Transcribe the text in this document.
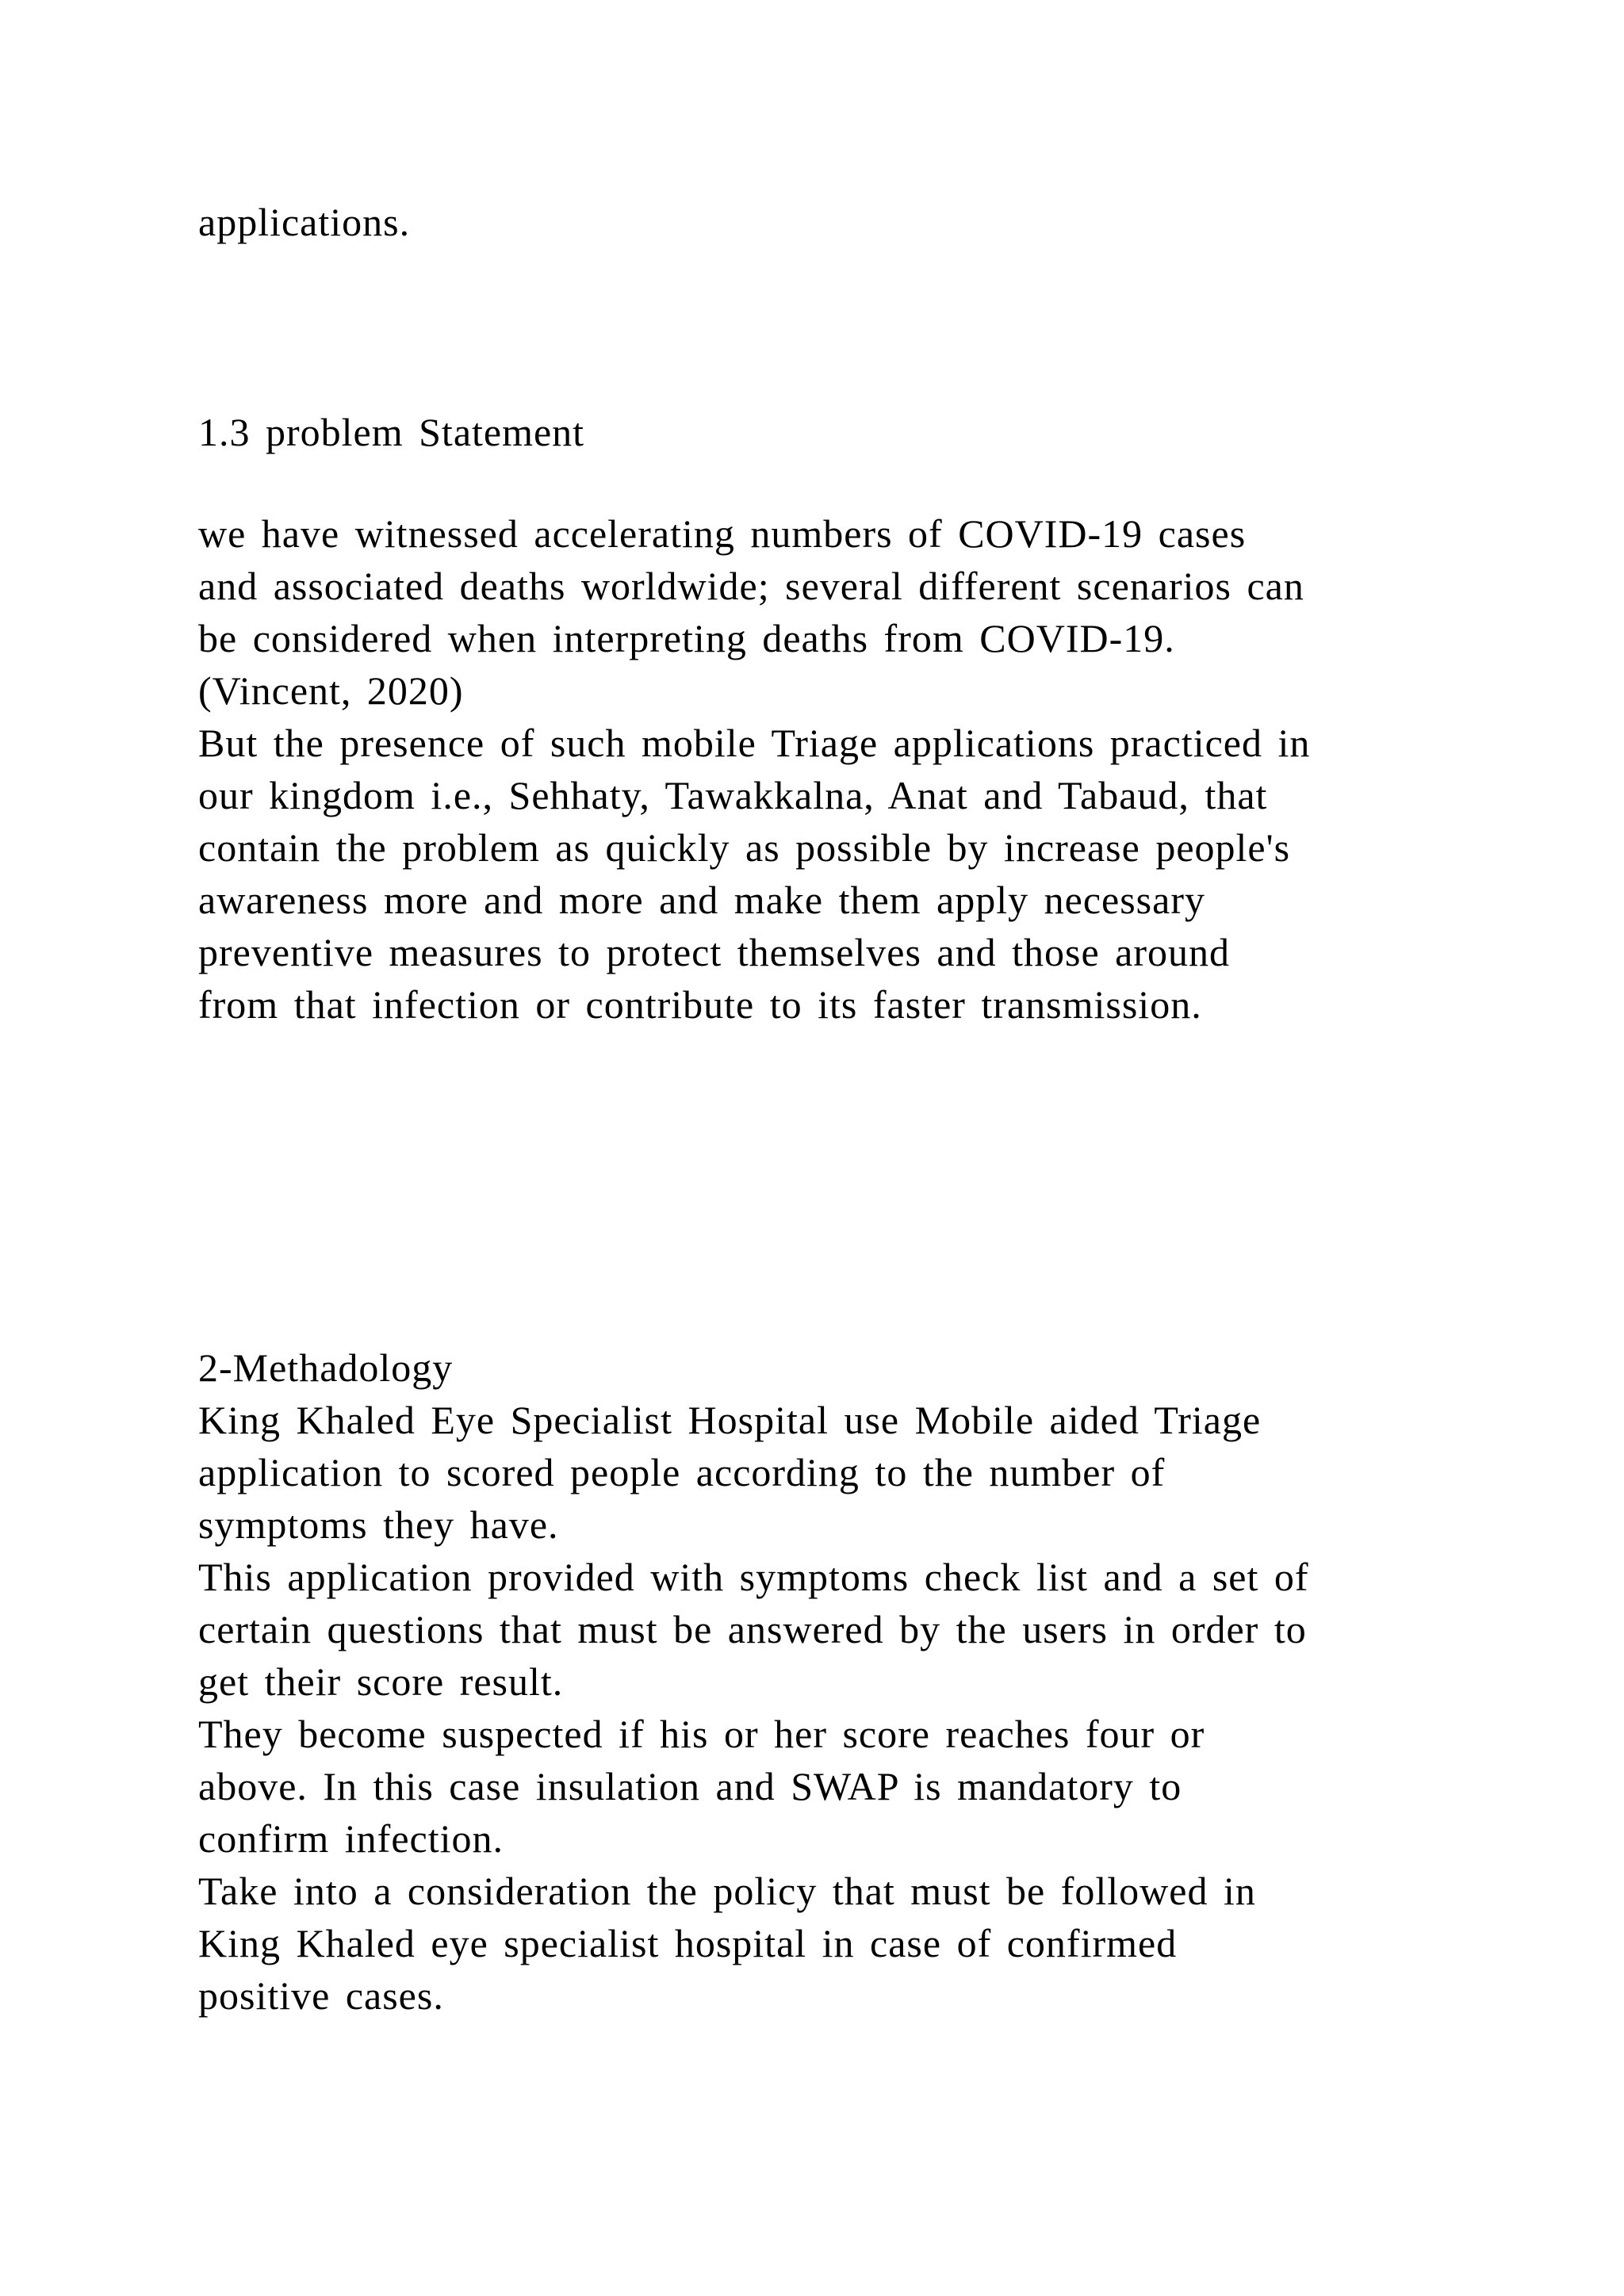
applications.
1.3 problem Statement
we have witnessed accelerating numbers of COVID-19 cases
and associated deaths worldwide; several different scenarios can
be considered when interpreting deaths from COVID-19.
(Vincent, 2020)
But the presence of such mobile Triage applications practiced in
our kingdom i.e., Sehhaty, Tawakkalna, Anat and Tabaud, that
contain the problem as quickly as possible by increase people's
awareness more and more and make them apply necessary
preventive measures to protect themselves and those around
from that infection or contribute to its faster transmission.
2-Methadology
King Khaled Eye Specialist Hospital use Mobile aided Triage
application to scored people according to the number of
symptoms they have.
This application provided with symptoms check list and a set of
certain questions that must be answered by the users in order to
get their score result.
They become suspected if his or her score reaches four or
above. In this case insulation and SWAP is mandatory to
confirm infection.
Take into a consideration the policy that must be followed in
King Khaled eye specialist hospital in case of confirmed
positive cases.
